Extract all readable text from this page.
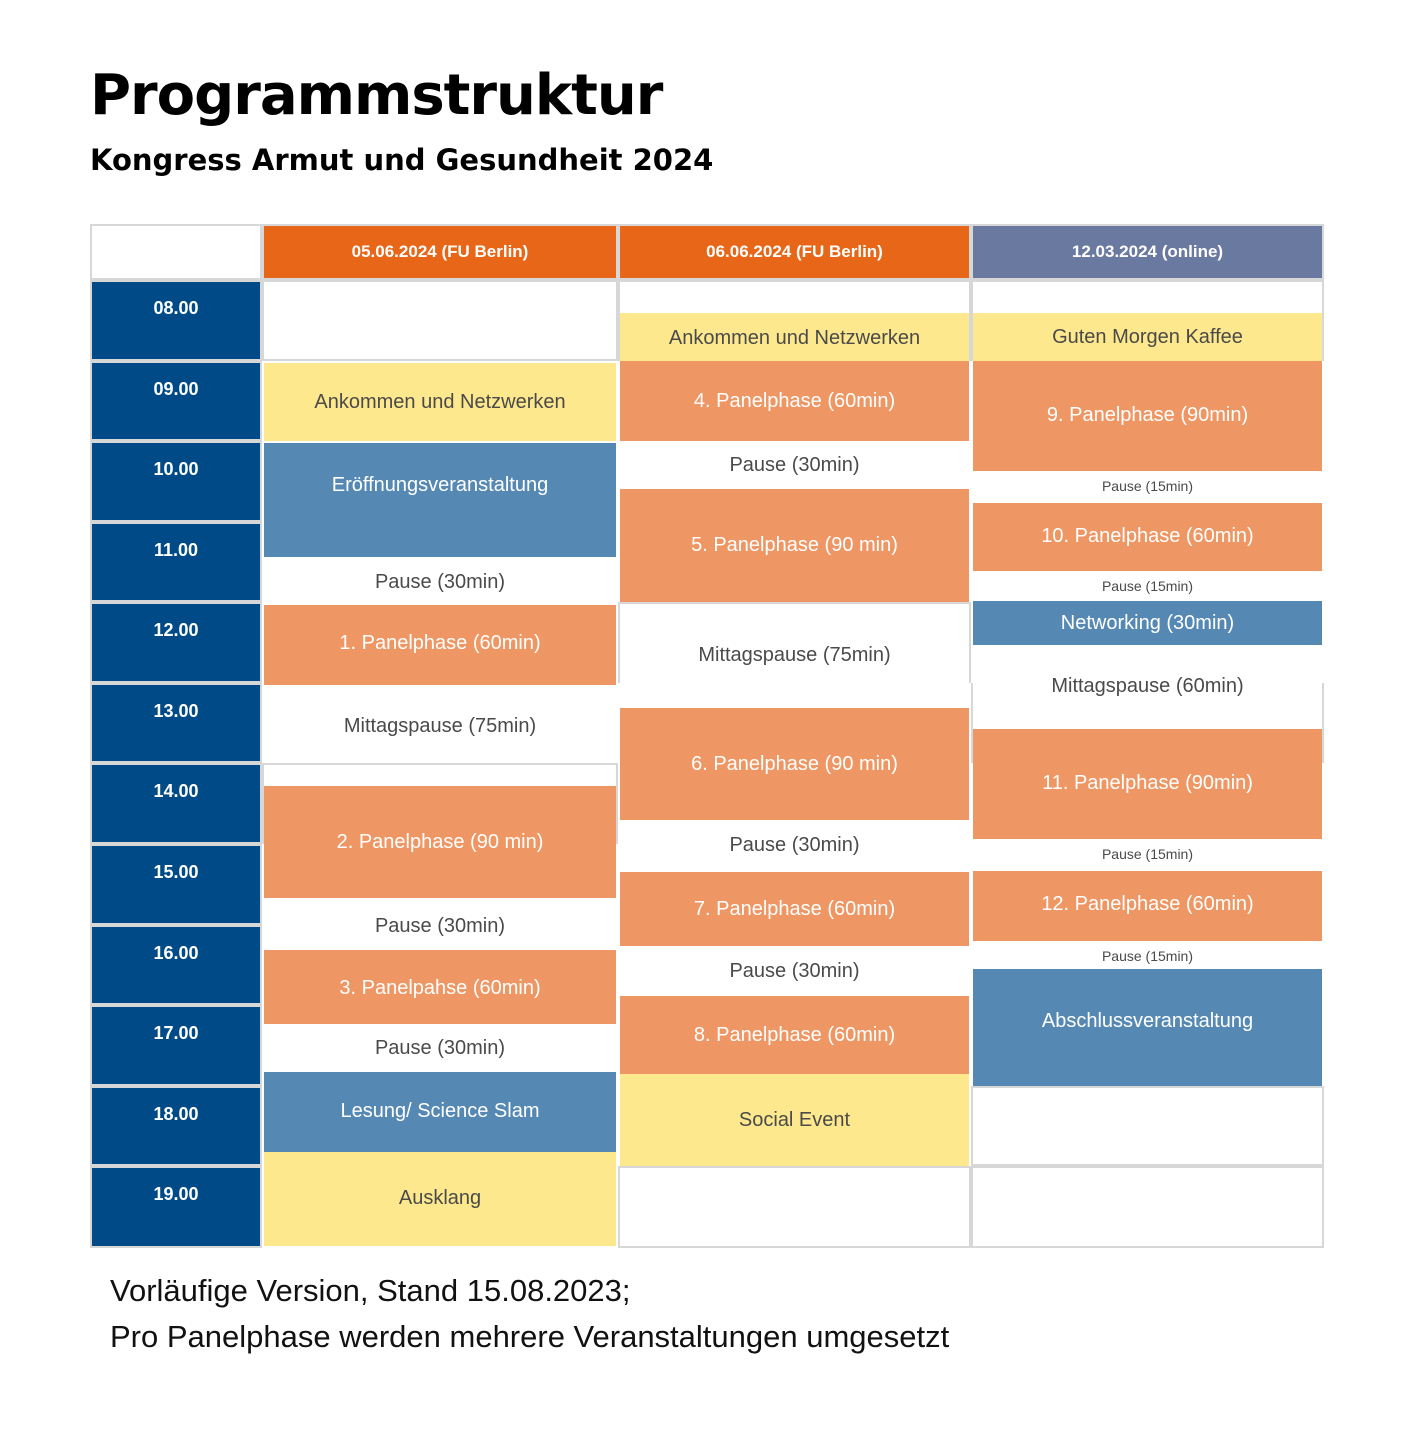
Programmstruktur
Kongress Armut und Gesundheit 2024
05.06.2024 (FU Berlin)	06.06.2024 (FU Berlin)	12.03.2024 (online)
08.00
09.00
10.00
11.00
12.00
13.00
14.00
15.00
16.00
17.00
18.00
19.00
Ankommen und Netzwerken
Eröffnungsveranstaltung
Pause (30min)
1. Panelphase (60min)
Mittagspause (75min)
2. Panelphase (90 min)
Pause (30min)
3. Panelpahse (60min)
Pause (30min)
Lesung/ Science Slam
Ausklang
Ankommen und Netzwerken
4. Panelphase (60min)
Pause (30min)
5. Panelphase (90 min)
Mittagspause (75min)
6. Panelphase (90 min)
Pause (30min)
7. Panelphase (60min)
Pause (30min)
8. Panelphase (60min)
Social Event
Guten Morgen Kaffee
9. Panelphase (90min)
Pause (15min)
10. Panelphase (60min)
Pause (15min)
Networking (30min)
Mittagspause (60min)
11. Panelphase (90min)
Pause (15min)
12. Panelphase (60min)
Pause (15min)
Abschlussveranstaltung
Vorläufige Version, Stand 15.08.2023;
Pro Panelphase werden mehrere Veranstaltungen umgesetzt
